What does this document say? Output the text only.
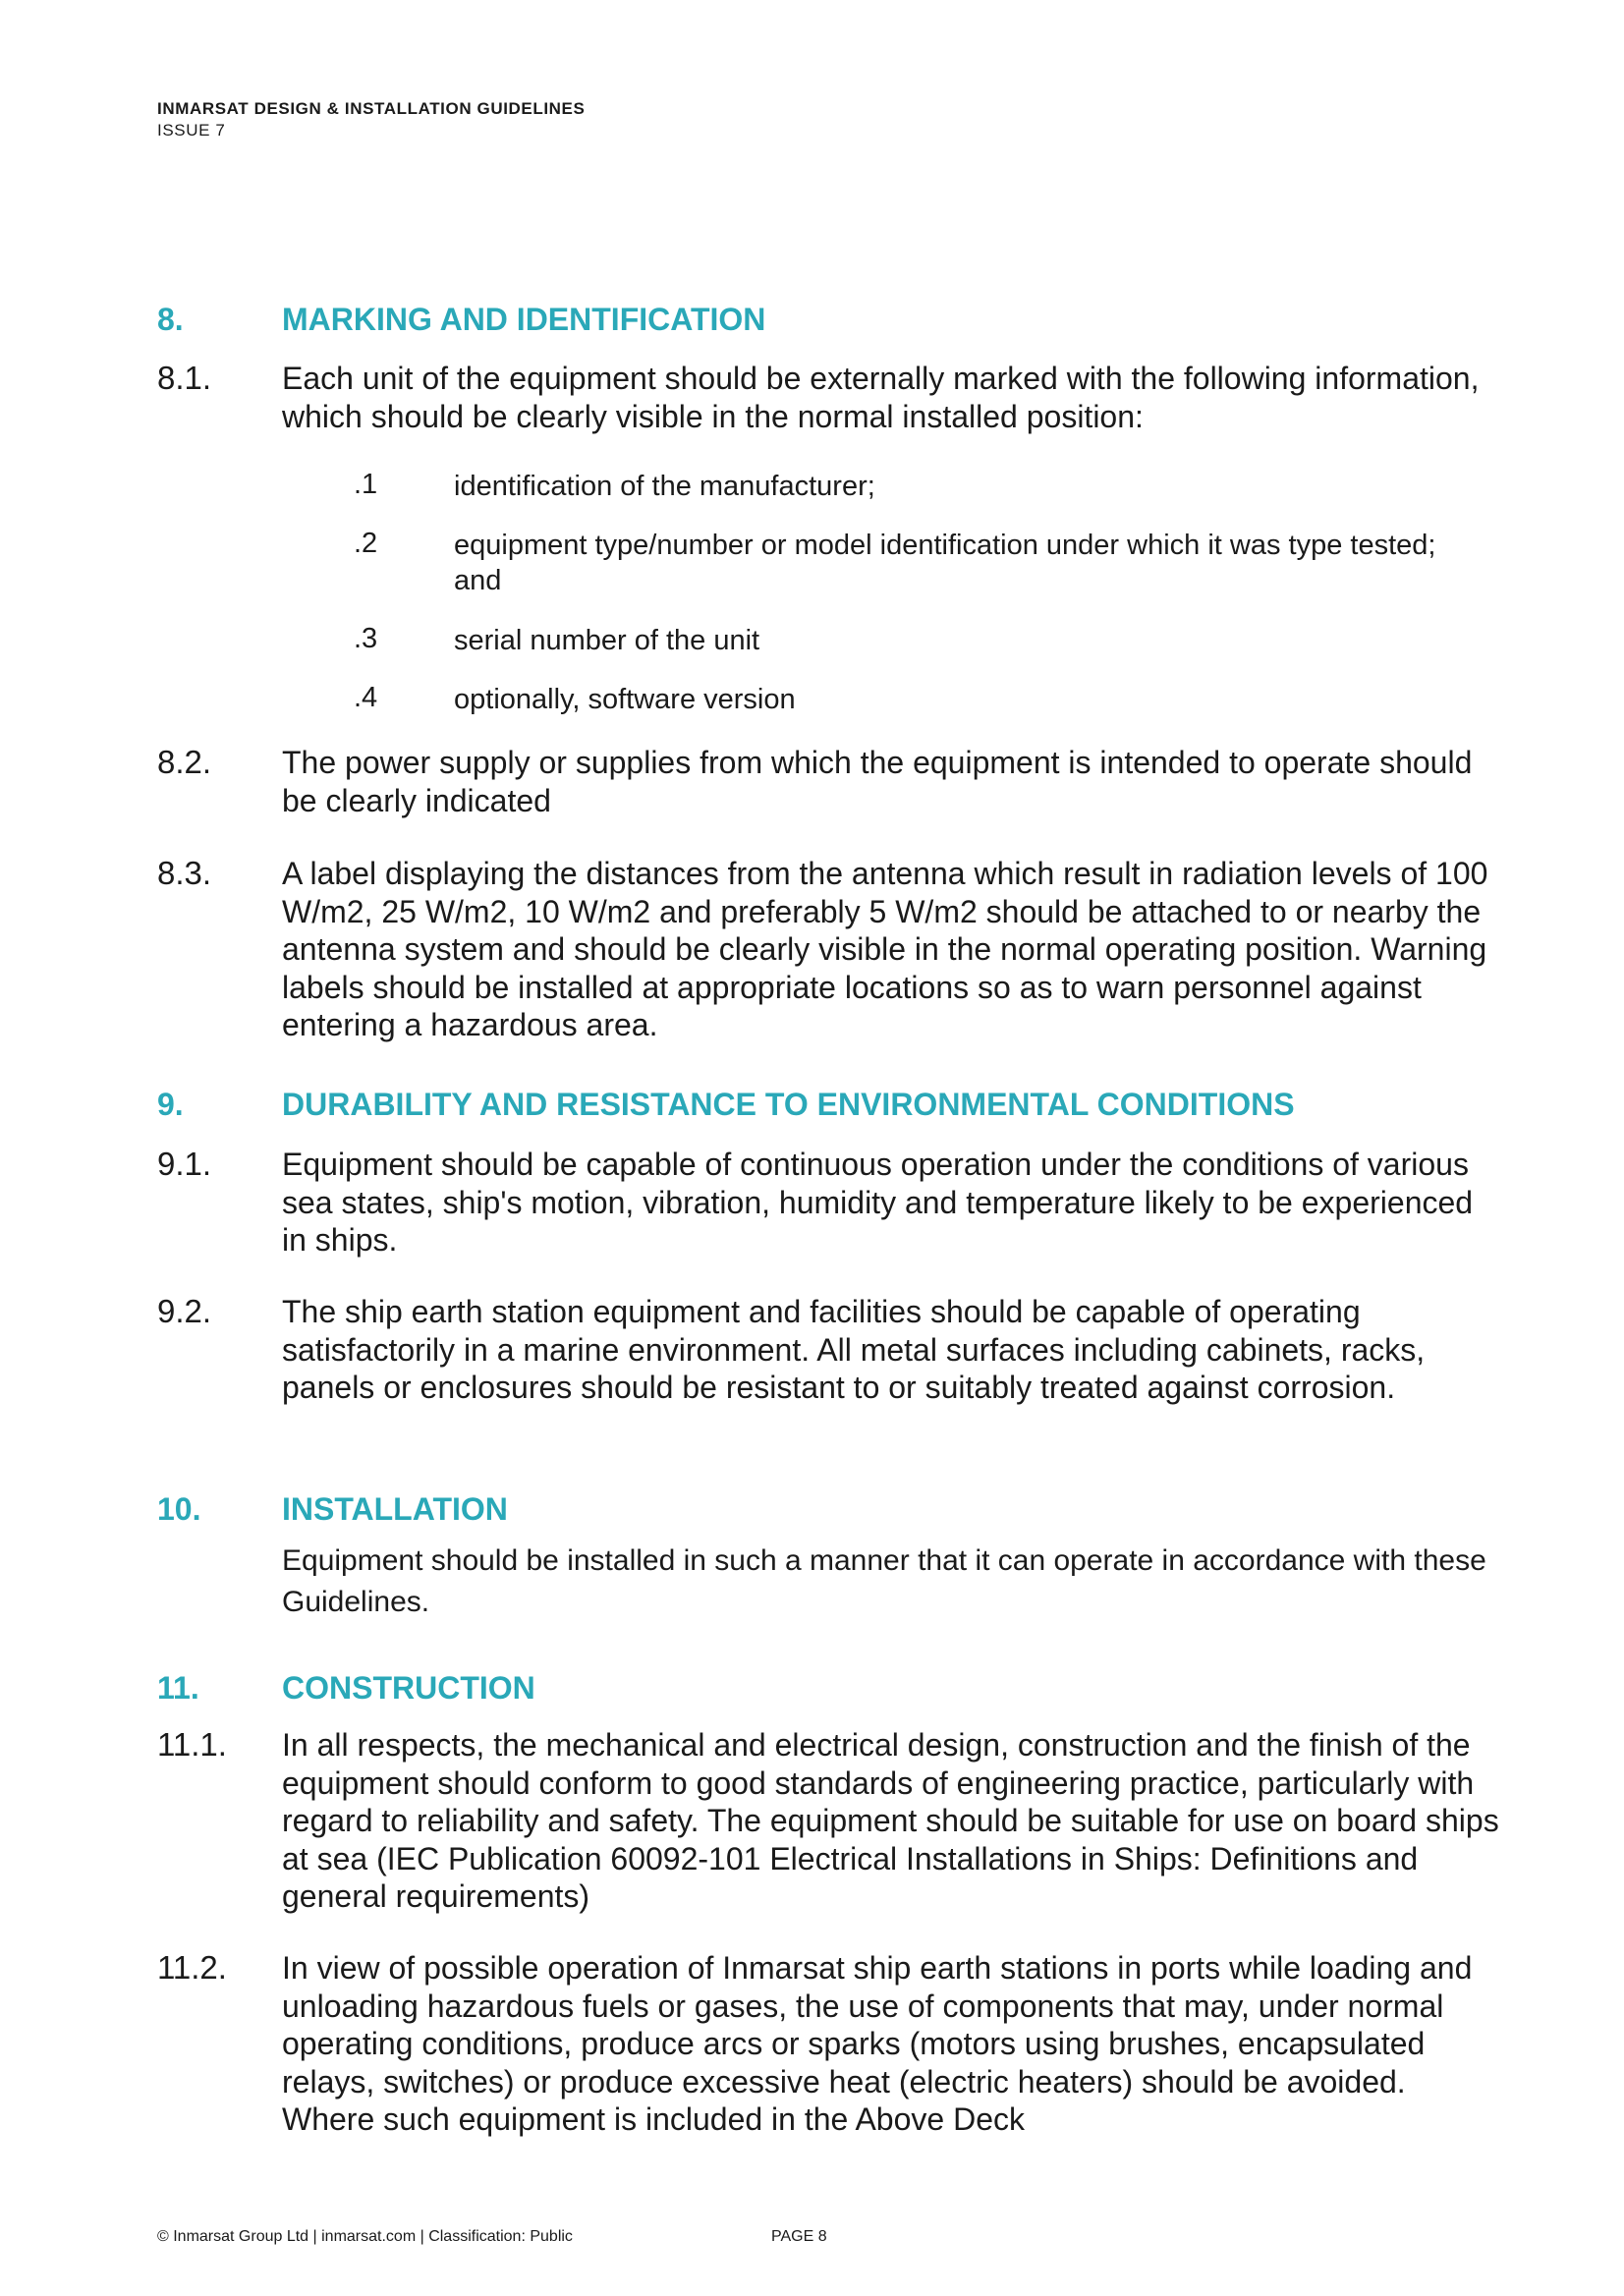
INMARSAT DESIGN & INSTALLATION GUIDELINES
ISSUE 7
8.	MARKING AND IDENTIFICATION
8.1. Each unit of the equipment should be externally marked with the following information, which should be clearly visible in the normal installed position:
.1	identification of the manufacturer;
.2	equipment type/number or model identification under which it was type tested; and
.3	serial number of the unit
.4	optionally, software version
8.2. The power supply or supplies from which the equipment is intended to operate should be clearly indicated
8.3. A label displaying the distances from the antenna which result in radiation levels of 100 W/m2, 25 W/m2, 10 W/m2 and preferably 5 W/m2 should be attached to or nearby the antenna system and should be clearly visible in the normal operating position. Warning labels should be installed at appropriate locations so as to warn personnel against entering a hazardous area.
9.	DURABILITY AND RESISTANCE TO ENVIRONMENTAL CONDITIONS
9.1. Equipment should be capable of continuous operation under the conditions of various sea states, ship's motion, vibration, humidity and temperature likely to be experienced in ships.
9.2. The ship earth station equipment and facilities should be capable of operating satisfactorily in a marine environment. All metal surfaces including cabinets, racks, panels or enclosures should be resistant to or suitably treated against corrosion.
10.	INSTALLATION
Equipment should be installed in such a manner that it can operate in accordance with these Guidelines.
11.	CONSTRUCTION
11.1. In all respects, the mechanical and electrical design, construction and the finish of the equipment should conform to good standards of engineering practice, particularly with regard to reliability and safety. The equipment should be suitable for use on board ships at sea (IEC Publication 60092-101 Electrical Installations in Ships: Definitions and general requirements)
11.2. In view of possible operation of Inmarsat ship earth stations in ports while loading and unloading hazardous fuels or gases, the use of components that may, under normal operating conditions, produce arcs or sparks (motors using brushes, encapsulated relays, switches) or produce excessive heat (electric heaters) should be avoided. Where such equipment is included in the Above Deck
© Inmarsat Group Ltd | inmarsat.com | Classification: Public	PAGE 8
